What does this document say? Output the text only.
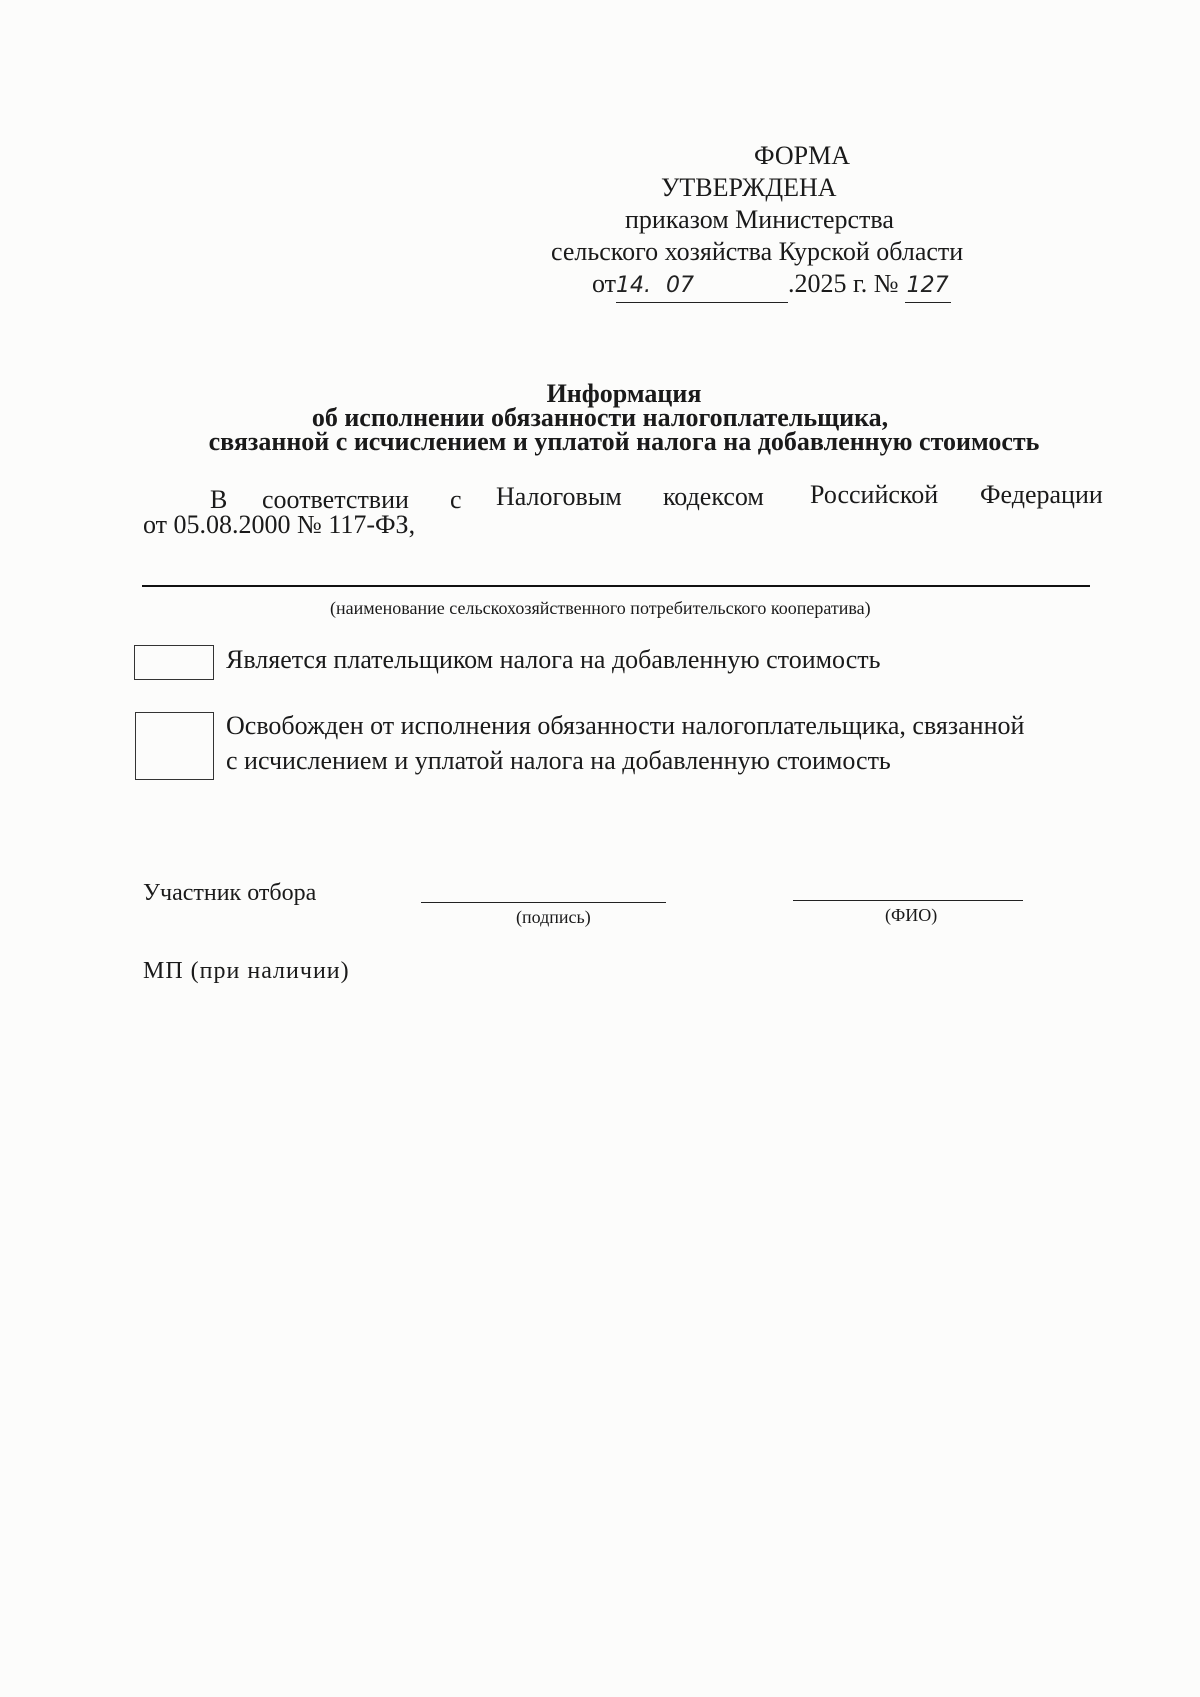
ФОРМА
УТВЕРЖДЕНА
приказом Министерства
сельского хозяйства Курской области
от14. 07	.2025 г. № 127
Информация
об исполнении обязанности налогоплательщика,
связанной с исчислением и уплатой налога на добавленную стоимость
В соответствии с Налоговым кодексом Российской Федерации
от 05.08.2000 № 117-ФЗ,
(наименование сельскохозяйственного потребительского кооператива)
Является плательщиком налога на добавленную стоимость
Освобожден от исполнения обязанности налогоплательщика, связанной
с исчислением и уплатой налога на добавленную стоимость
Участник отбора
(подпись)	(ФИО)
МП (при наличии)
